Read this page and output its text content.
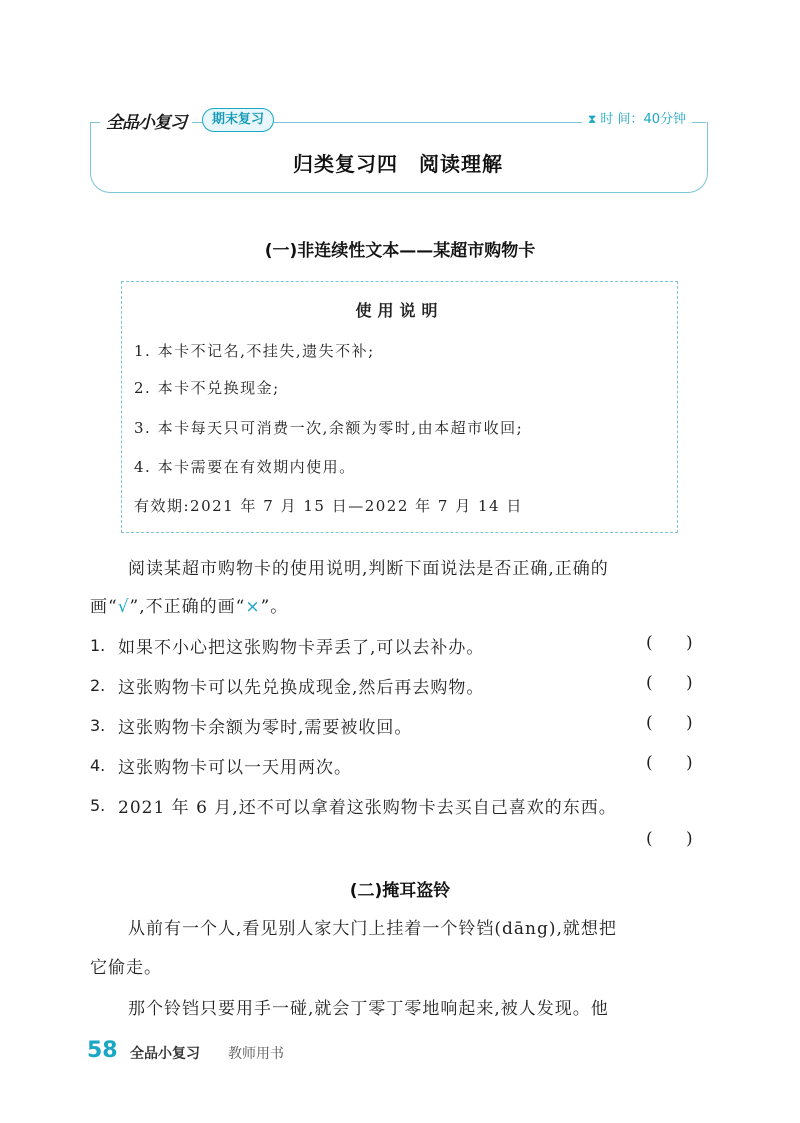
全品小复习	期末复习	⧗ 时 间：40分钟
归类复习四　阅读理解
(一)非连续性文本——某超市购物卡
使用说明
1. 本卡不记名,不挂失,遗失不补;
2. 本卡不兑换现金;
3. 本卡每天只可消费一次,余额为零时,由本超市收回;
4. 本卡需要在有效期内使用。
有效期:2021 年 7 月 15 日—2022 年 7 月 14 日
阅读某超市购物卡的使用说明,判断下面说法是否正确,正确的
画“√”,不正确的画“×”。
1. 如果不小心把这张购物卡弄丢了,可以去补办。	( )
2. 这张购物卡可以先兑换成现金,然后再去购物。	( )
3. 这张购物卡余额为零时,需要被收回。	( )
4. 这张购物卡可以一天用两次。	( )
5. 2021 年 6 月,还不可以拿着这张购物卡去买自己喜欢的东西。
( )
(二)掩耳盗铃
从前有一个人,看见别人家大门上挂着一个铃铛(dāng),就想把
它偷走。
那个铃铛只要用手一碰,就会丁零丁零地响起来,被人发现。他
58 全品小复习 教师用书
